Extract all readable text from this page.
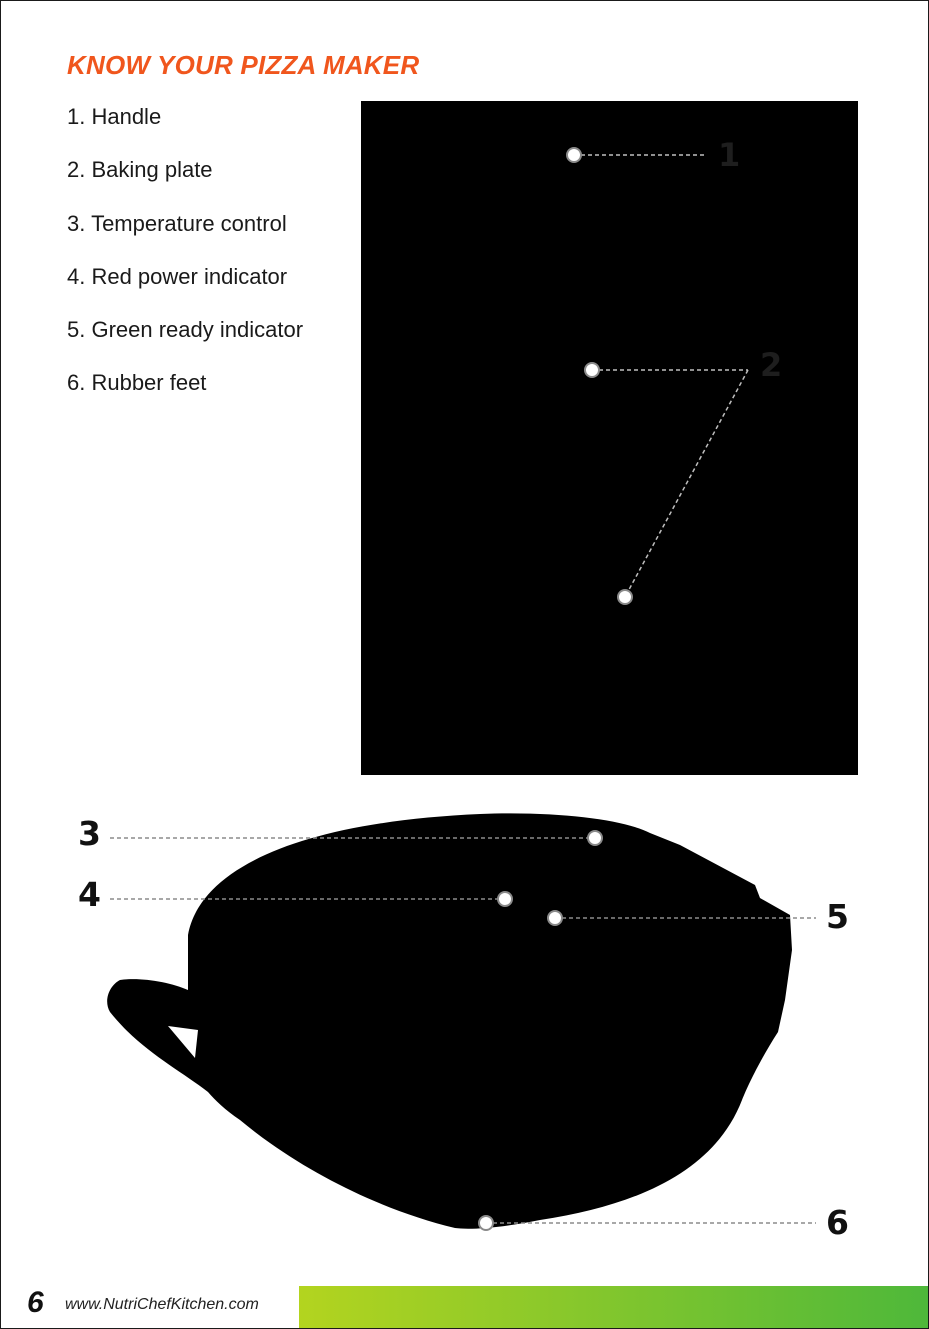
KNOW YOUR PIZZA MAKER
1. Handle
2. Baking plate
3. Temperature control
4. Red power indicator
5. Green ready indicator
6. Rubber feet
1
2
3
4
5
6
6 www.NutriChefKitchen.com
